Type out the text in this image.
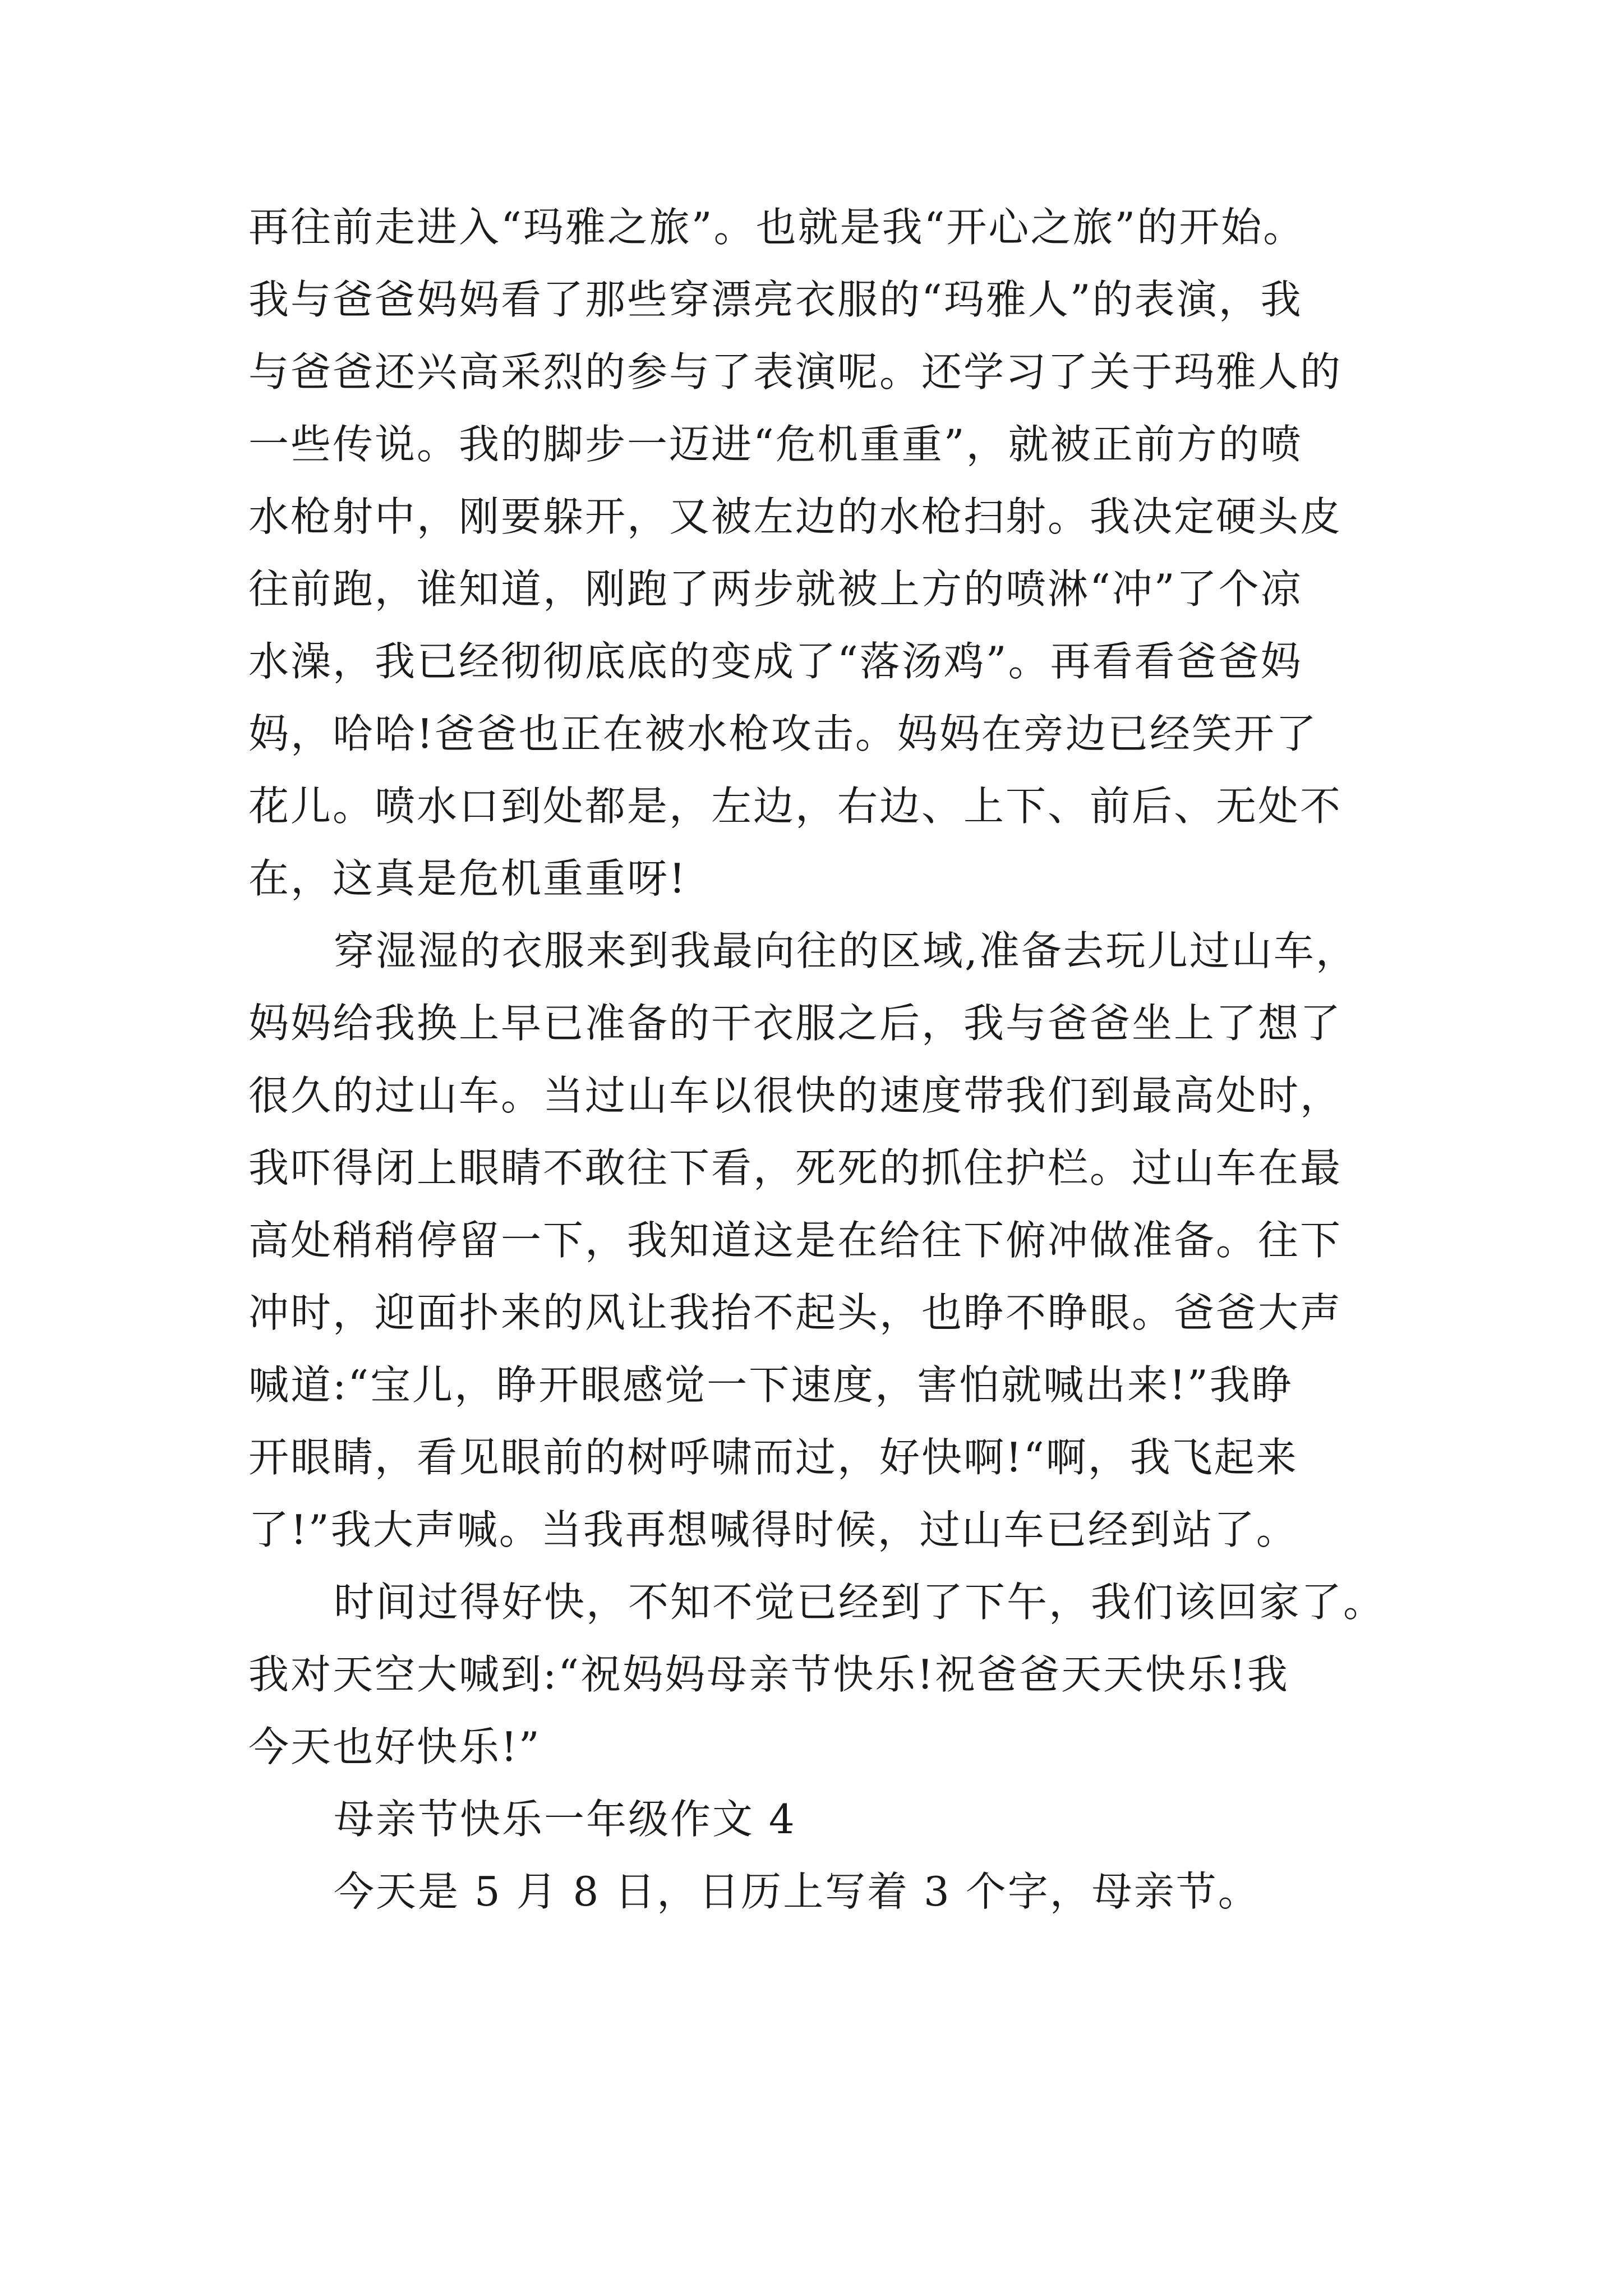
再往前走进入“玛雅之旅”。也就是我“开心之旅”的开始。
我与爸爸妈妈看了那些穿漂亮衣服的“玛雅人”的表演，我
与爸爸还兴高采烈的参与了表演呢。还学习了关于玛雅人的
一些传说。我的脚步一迈进“危机重重”，就被正前方的喷
水枪射中，刚要躲开，又被左边的水枪扫射。我决定硬头皮
往前跑，谁知道，刚跑了两步就被上方的喷淋“冲”了个凉
水澡，我已经彻彻底底的变成了“落汤鸡”。再看看爸爸妈
妈，哈哈!爸爸也正在被水枪攻击。妈妈在旁边已经笑开了
花儿。喷水口到处都是，左边，右边、上下、前后、无处不
在，这真是危机重重呀!
穿湿湿的衣服来到我最向往的区域,准备去玩儿过山车，
妈妈给我换上早已准备的干衣服之后，我与爸爸坐上了想了
很久的过山车。当过山车以很快的速度带我们到最高处时，
我吓得闭上眼睛不敢往下看，死死的抓住护栏。过山车在最
高处稍稍停留一下，我知道这是在给往下俯冲做准备。往下
冲时，迎面扑来的风让我抬不起头，也睁不睁眼。爸爸大声
喊道:“宝儿，睁开眼感觉一下速度，害怕就喊出来!”我睁
开眼睛，看见眼前的树呼啸而过，好快啊!“啊，我飞起来
了!”我大声喊。当我再想喊得时候，过山车已经到站了。
时间过得好快，不知不觉已经到了下午，我们该回家了。
我对天空大喊到:“祝妈妈母亲节快乐!祝爸爸天天快乐!我
今天也好快乐!”
母亲节快乐一年级作文 4
今天是 5 月 8 日，日历上写着 3 个字，母亲节。
